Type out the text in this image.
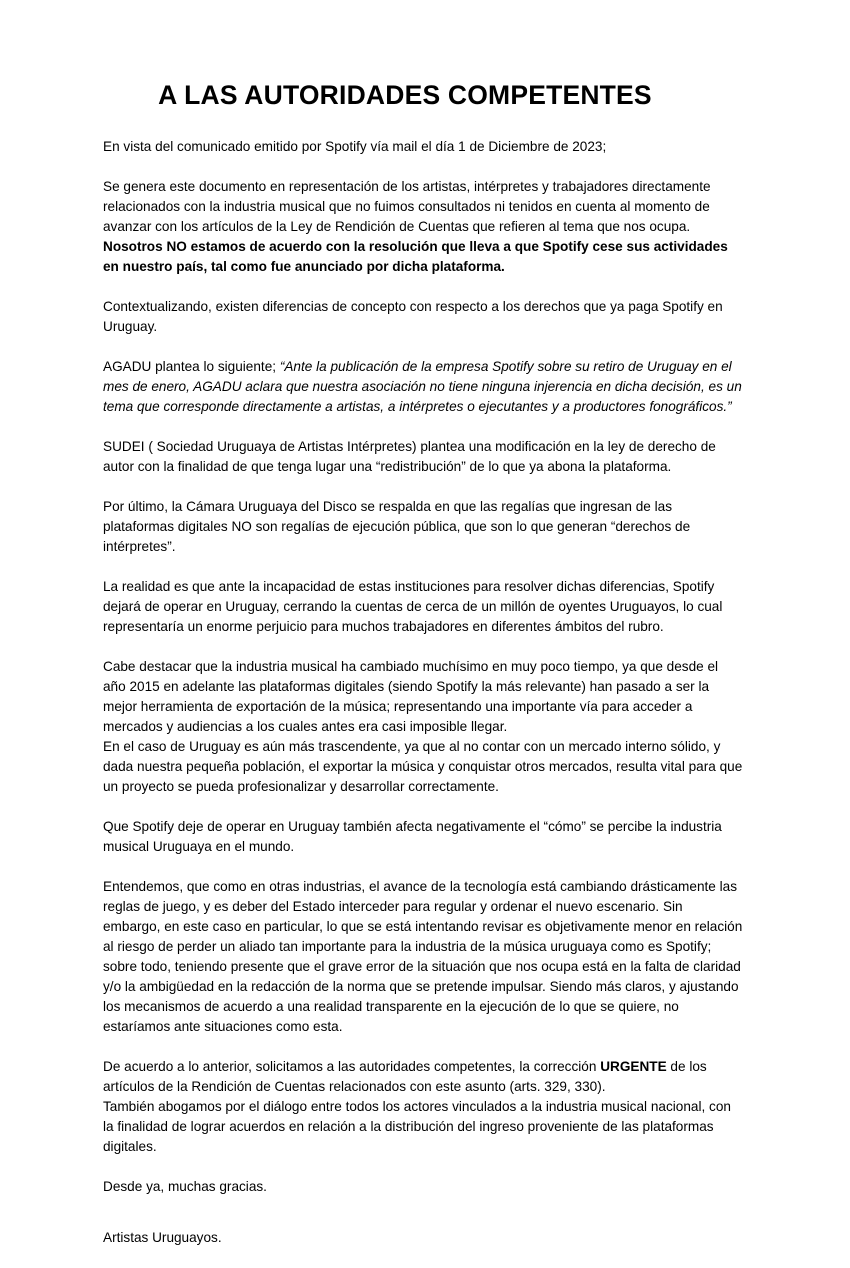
A LAS AUTORIDADES COMPETENTES

En vista del comunicado emitido por Spotify vía mail el día 1 de Diciembre de 2023;

Se genera este documento en representación de los artistas, intérpretes y trabajadores directamente relacionados con la industria musical que no fuimos consultados ni tenidos en cuenta al momento de avanzar con los artículos de la Ley de Rendición de Cuentas que refieren al tema que nos ocupa. Nosotros NO estamos de acuerdo con la resolución que lleva a que Spotify cese sus actividades en nuestro país, tal como fue anunciado por dicha plataforma.

Contextualizando, existen diferencias de concepto con respecto a los derechos que ya paga Spotify en Uruguay.

AGADU plantea lo siguiente; “Ante la publicación de la empresa Spotify sobre su retiro de Uruguay en el mes de enero, AGADU aclara que nuestra asociación no tiene ninguna injerencia en dicha decisión, es un tema que corresponde directamente a artistas, a intérpretes o ejecutantes y a productores fonográficos.”

SUDEI ( Sociedad Uruguaya de Artistas Intérpretes) plantea una modificación en la ley de derecho de autor con la finalidad de que tenga lugar una “redistribución” de lo que ya abona la plataforma.

Por último, la Cámara Uruguaya del Disco se respalda en que las regalías que ingresan de las plataformas digitales NO son regalías de ejecución pública, que son lo que generan “derechos de intérpretes”.

La realidad es que ante la incapacidad de estas instituciones para resolver dichas diferencias, Spotify dejará de operar en Uruguay, cerrando la cuentas de cerca de un millón de oyentes Uruguayos, lo cual representaría un enorme perjuicio para muchos trabajadores en diferentes ámbitos del rubro.

Cabe destacar que la industria musical ha cambiado muchísimo en muy poco tiempo, ya que desde el año 2015 en adelante las plataformas digitales (siendo Spotify la más relevante) han pasado a ser la mejor herramienta de exportación de la música; representando una importante vía para acceder a mercados y audiencias a los cuales antes era casi imposible llegar.

En el caso de Uruguay es aún más trascendente, ya que al no contar con un mercado interno sólido, y dada nuestra pequeña población, el exportar la música y conquistar otros mercados, resulta vital para que un proyecto se pueda profesionalizar y desarrollar correctamente.

Que Spotify deje de operar en Uruguay también afecta negativamente el “cómo” se percibe la industria musical Uruguaya en el mundo.

Entendemos, que como en otras industrias, el avance de la tecnología está cambiando drásticamente las reglas de juego, y es deber del Estado interceder para regular y ordenar el nuevo escenario. Sin embargo, en este caso en particular, lo que se está intentando revisar es objetivamente menor en relación al riesgo de perder un aliado tan importante para la industria de la música uruguaya como es Spotify; sobre todo, teniendo presente que el grave error de la situación que nos ocupa está en la falta de claridad y/o la ambigüedad en la redacción de la norma que se pretende impulsar. Siendo más claros, y ajustando los mecanismos de acuerdo a una realidad transparente en la ejecución de lo que se quiere, no estaríamos ante situaciones como esta.

De acuerdo a lo anterior, solicitamos a las autoridades competentes, la corrección URGENTE de los artículos de la Rendición de Cuentas relacionados con este asunto (arts. 329, 330).

También abogamos por el diálogo entre todos los actores vinculados a la industria musical nacional, con la finalidad de lograr acuerdos en relación a la distribución del ingreso proveniente de las plataformas digitales.

Desde ya, muchas gracias.

Artistas Uruguayos.
